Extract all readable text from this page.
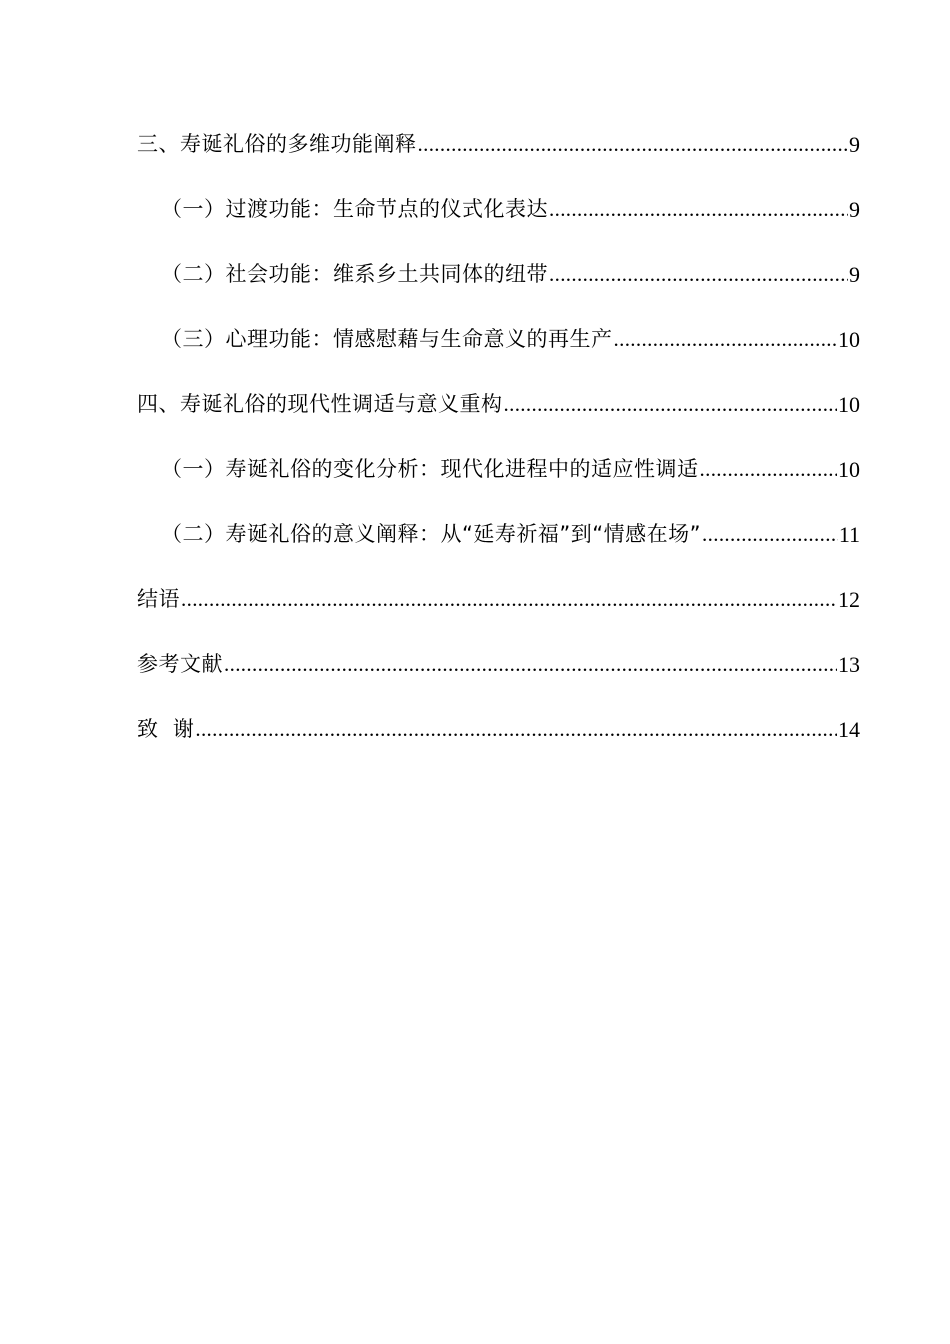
三、寿诞礼俗的多维功能阐释 .....	9
（一）过渡功能：生命节点的仪式化表达 .....	9
（二）社会功能：维系乡土共同体的纽带 .....	9
（三）心理功能：情感慰藉与生命意义的再生产 .....	10
四、寿诞礼俗的现代性调适与意义重构 .....	10
（一）寿诞礼俗的变化分析：现代化进程中的适应性调适 .....	10
（二）寿诞礼俗的意义阐释：从“延寿祈福”到“情感在场” .....	11
结语 .....	12
参考文献 .....	13
致  谢 .....	14
